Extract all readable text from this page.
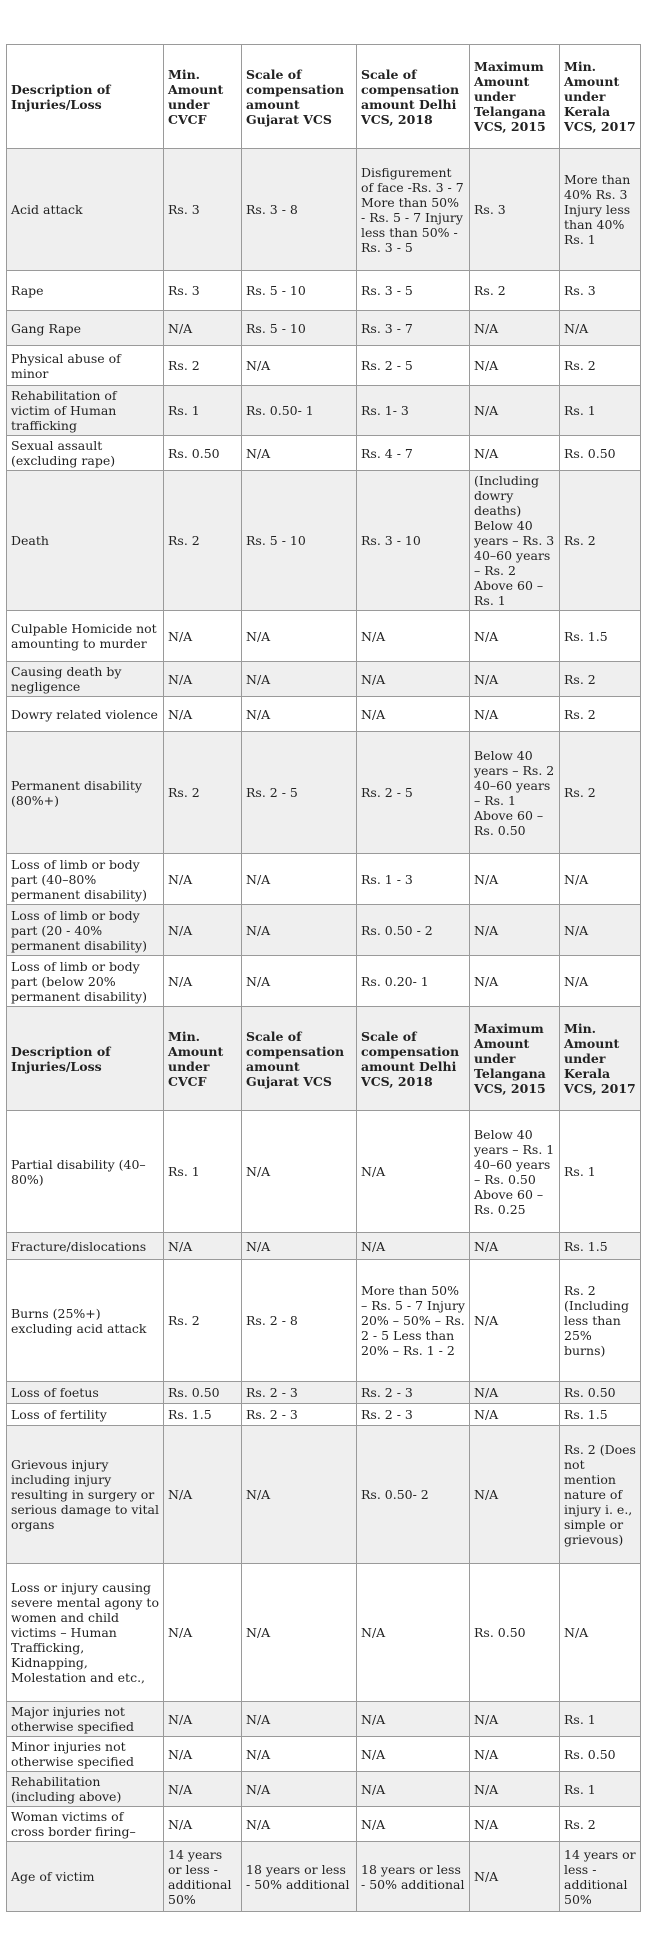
Description of Injuries/Loss	Min. Amount under CVCF	Scale of compensation amount Gujarat VCS	Scale of compensation amount Delhi VCS, 2018	Maximum Amount under Telangana VCS, 2015	Min. Amount under Kerala VCS, 2017
Acid attack	Rs. 3	Rs. 3 - 8	Disfigurement of face -Rs. 3 - 7 More than 50% - Rs. 5 - 7 Injury less than 50% - Rs. 3 - 5	Rs. 3	More than 40% Rs. 3 Injury less than 40% Rs. 1
Rape	Rs. 3	Rs. 5 - 10	Rs. 3 - 5	Rs. 2	Rs. 3
Gang Rape	N/A	Rs. 5 - 10	Rs. 3 - 7	N/A	N/A
Physical abuse of minor	Rs. 2	N/A	Rs. 2 - 5	N/A	Rs. 2
Rehabilitation of victim of Human trafficking	Rs. 1	Rs. 0.50- 1	Rs. 1- 3	N/A	Rs. 1
Sexual assault (excluding rape)	Rs. 0.50	N/A	Rs. 4 - 7	N/A	Rs. 0.50
Death	Rs. 2	Rs. 5 - 10	Rs. 3 - 10	(Including dowry deaths) Below 40 years – Rs. 3 40–60 years – Rs. 2 Above 60 – Rs. 1	Rs. 2
Culpable Homicide not amounting to murder	N/A	N/A	N/A	N/A	Rs. 1.5
Causing death by negligence	N/A	N/A	N/A	N/A	Rs. 2
Dowry related violence	N/A	N/A	N/A	N/A	Rs. 2
Permanent disability (80%+)	Rs. 2	Rs. 2 - 5	Rs. 2 - 5	Below 40 years – Rs. 2 40–60 years – Rs. 1 Above 60 – Rs. 0.50	Rs. 2
Loss of limb or body part (40–80% permanent disability)	N/A	N/A	Rs. 1 - 3	N/A	N/A
Loss of limb or body part (20 - 40% permanent disability)	N/A	N/A	Rs. 0.50 - 2	N/A	N/A
Loss of limb or body part (below 20% permanent disability)	N/A	N/A	Rs. 0.20- 1	N/A	N/A
Description of Injuries/Loss	Min. Amount under CVCF	Scale of compensation amount Gujarat VCS	Scale of compensation amount Delhi VCS, 2018	Maximum Amount under Telangana VCS, 2015	Min. Amount under Kerala VCS, 2017
Partial disability (40–80%)	Rs. 1	N/A	N/A	Below 40 years – Rs. 1 40–60 years – Rs. 0.50 Above 60 – Rs. 0.25	Rs. 1
Fracture/dislocations	N/A	N/A	N/A	N/A	Rs. 1.5
Burns (25%+) excluding acid attack	Rs. 2	Rs. 2 - 8	More than 50% – Rs. 5 - 7 Injury 20% – 50% – Rs. 2 - 5 Less than 20% – Rs. 1 - 2	N/A	Rs. 2 (Including less than 25% burns)
Loss of foetus	Rs. 0.50	Rs. 2 - 3	Rs. 2 - 3	N/A	Rs. 0.50
Loss of fertility	Rs. 1.5	Rs. 2 - 3	Rs. 2 - 3	N/A	Rs. 1.5
Grievous injury including injury resulting in surgery or serious damage to vital organs	N/A	N/A	Rs. 0.50- 2	N/A	Rs. 2 (Does not mention nature of injury i. e., simple or grievous)
Loss or injury causing severe mental agony to women and child victims – Human Trafficking, Kidnapping, Molestation and etc.,	N/A	N/A	N/A	Rs. 0.50	N/A
Major injuries not otherwise specified	N/A	N/A	N/A	N/A	Rs. 1
Minor injuries not otherwise specified	N/A	N/A	N/A	N/A	Rs. 0.50
Rehabilitation (including above)	N/A	N/A	N/A	N/A	Rs. 1
Woman victims of cross border firing–	N/A	N/A	N/A	N/A	Rs. 2
Age of victim	14 years or less - additional 50%	18 years or less - 50% additional	18 years or less - 50% additional	N/A	14 years or less - additional 50%
